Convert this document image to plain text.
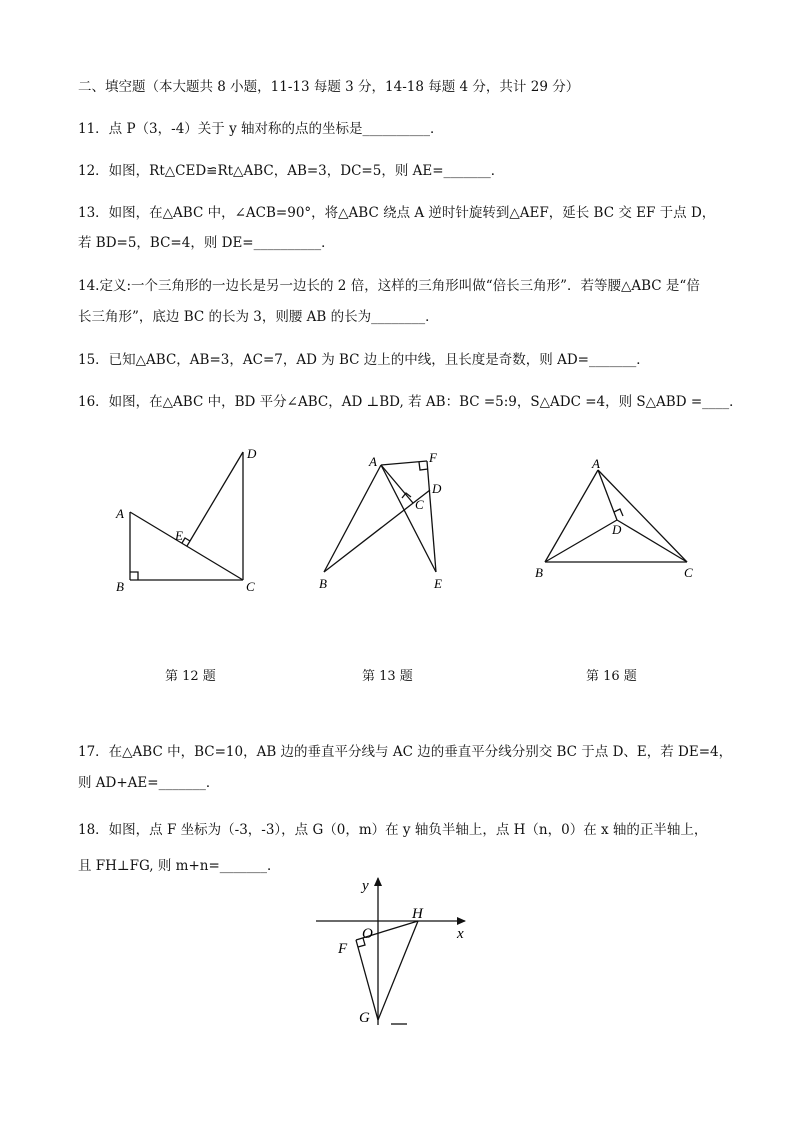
二、填空题（本大题共 8 小题，11-13 每题 3 分，14-18 每题 4 分，共计 29 分）
11．点 P（3，-4）关于 y 轴对称的点的坐标是__________．
12．如图，Rt△CED≌Rt△ABC，AB=3，DC=5，则 AE=_______．
13．如图，在△ABC 中，∠ACB=90°，将△ABC 绕点 A 逆时针旋转到△AEF，延长 BC 交 EF 于点 D，
若 BD=5，BC=4，则 DE=__________．
14.定义:一个三角形的一边长是另一边长的 2 倍，这样的三角形叫做“倍长三角形”．若等腰△ABC 是“倍
长三角形”，底边 BC 的长为 3，则腰 AB 的长为________．
15．已知△ABC，AB=3，AC=7，AD 为 BC 边上的中线，且长度是奇数，则 AD=_______．
16．如图，在△ABC 中，BD 平分∠ABC，AD ⊥BD, 若 AB：BC =5:9，S△ADC =4，则 S△ABD =____．
A
B	C
D
E
A	F
D
C
B	E
A
D
B	C
第 12 题	第 13 题	第 16 题
17．在△ABC 中，BC=10，AB 边的垂直平分线与 AC 边的垂直平分线分别交 BC 于点 D、E，若 DE=4，
则 AD+AE=_______．
18．如图，点 F 坐标为（-3，-3），点 G（0，m）在 y 轴负半轴上，点 H（n，0）在 x 轴的正半轴上，
且 FH⊥FG, 则 m+n=_______．
y
x
O
H
F
G
